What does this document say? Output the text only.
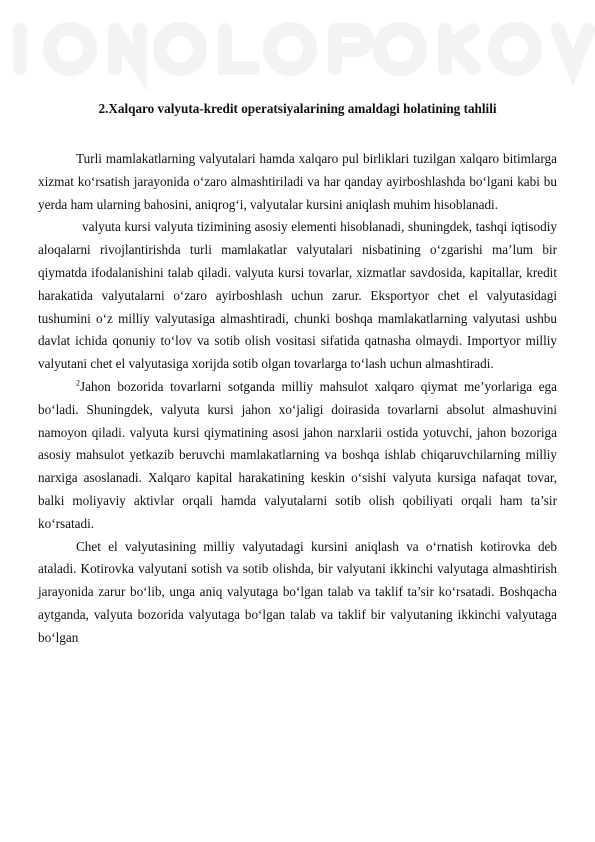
2.Xalqaro valyuta-kredit operatsiyalarining amaldagi holatining tahlili

Turli mamlakatlarning valyutalari hamda xalqaro pul birliklari tuzilgan xalqaro bitimlarga xizmat ko‘rsatish jarayonida o‘zaro almashtiriladi va har qanday ayirboshlashda bo‘lgani kabi bu yerda ham ularning bahosini, aniqrog‘i, valyutalar kursini aniqlash muhim hisoblanadi.

valyuta kursi valyuta tizimining asosiy elementi hisoblanadi, shuningdek, tashqi iqtisodiy aloqalarni rivojlantirishda turli mamlakatlar valyutalari nisbatining o‘zgarishi ma’lum bir qiymatda ifodalanishini talab qiladi. valyuta kursi tovarlar, xizmatlar savdosida, kapitallar, kredit harakatida valyutalarni o‘zaro ayirboshlash uchun zarur. Eksportyor chet el valyutasidagi tushumini o‘z milliy valyutasiga almashtiradi, chunki boshqa mamlakatlarning valyutasi ushbu davlat ichida qonuniy to‘lov va sotib olish vositasi sifatida qatnasha olmaydi. Importyor milliy valyutani chet el valyutasiga xorijda sotib olgan tovarlarga to‘lash uchun almashtiradi.

$^2$Jahon bozorida tovarlarni sotganda milliy mahsulot xalqaro qiymat me’yorlariga ega bo‘ladi. Shuningdek, valyuta kursi jahon xo‘jaligi doirasida tovarlarni absolut almashuvini namoyon qiladi. valyuta kursi qiymatining asosi jahon narxlarii ostida yotuvchi, jahon bozoriga asosiy mahsulot yetkazib beruvchi mamlakatlarning va boshqa ishlab chiqaruvchilarning milliy narxiga asoslanadi. Xalqaro kapital harakatining keskin o‘sishi valyuta kursiga nafaqat tovar, balki moliyaviy aktivlar orqali hamda valyutalarni sotib olish qobiliyati orqali ham ta’sir ko‘rsatadi.

Chet el valyutasining milliy valyutadagi kursini aniqlash va o‘rnatish kotirovka deb ataladi. Kotirovka valyutani sotish va sotib olishda, bir valyutani ikkinchi valyutaga almashtirish jarayonida zarur bo‘lib, unga aniq valyutaga bo‘lgan talab va taklif ta’sir ko‘rsatadi. Boshqacha aytganda, valyuta bozorida valyutaga bo‘lgan talab va taklif bir valyutaning ikkinchi valyutaga bo‘lgan
